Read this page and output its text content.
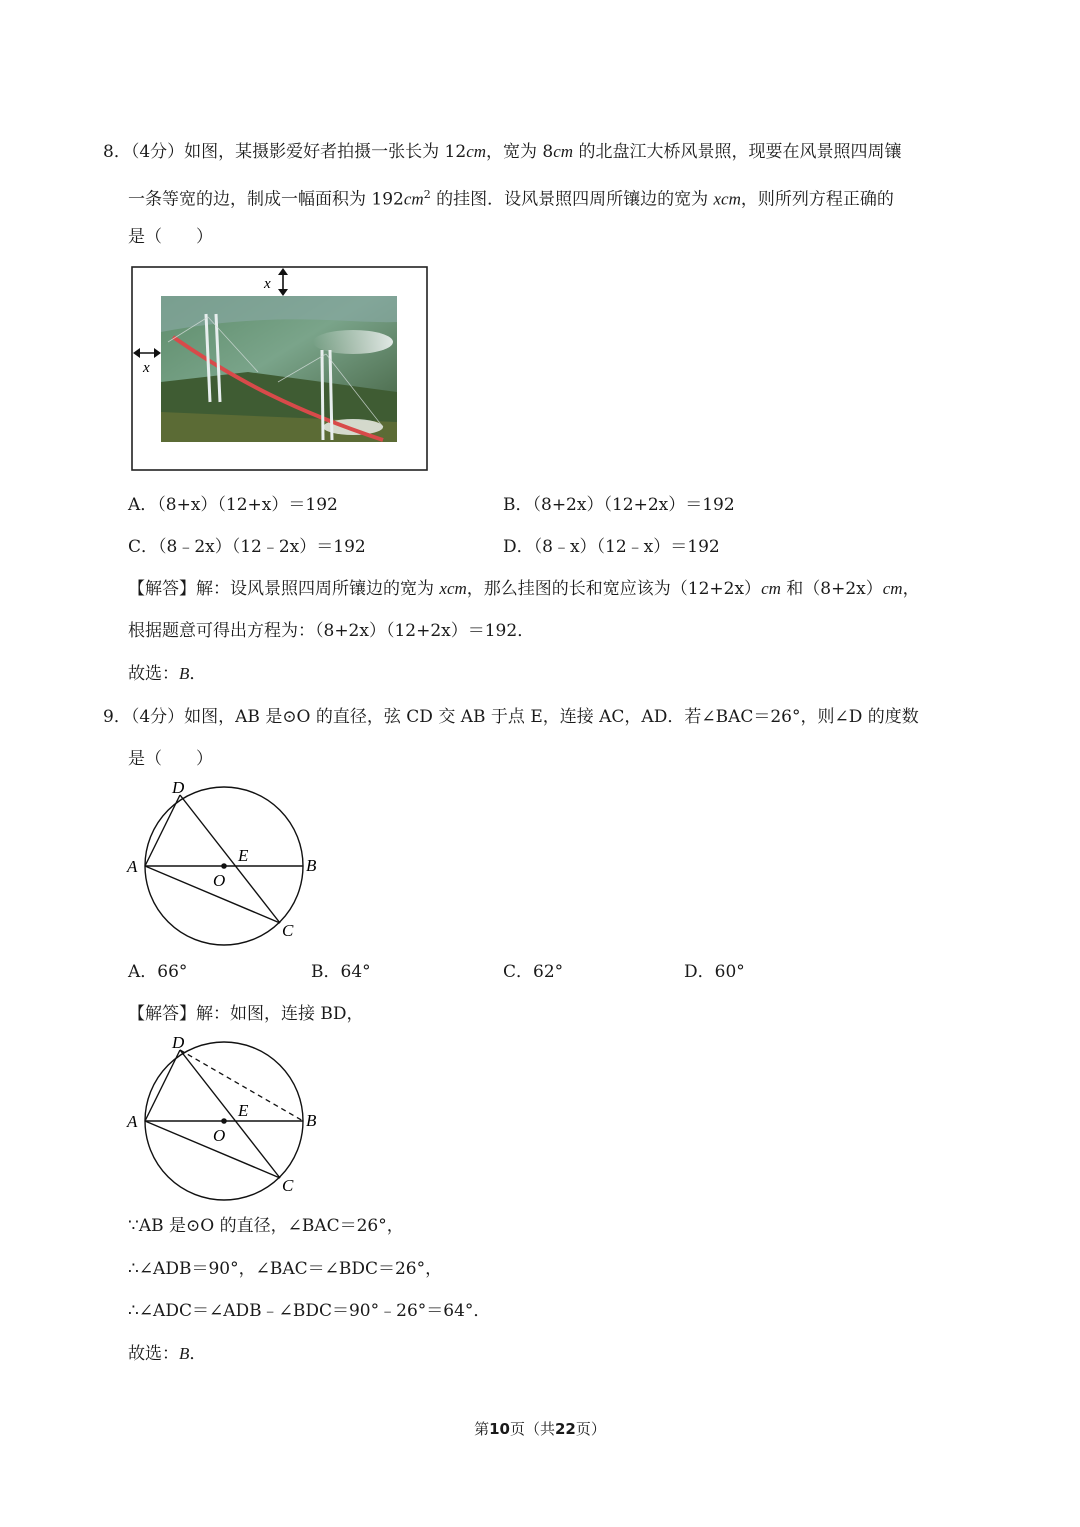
8．（4分）如图，某摄影爱好者拍摄一张长为 12cm，宽为 8cm 的北盘江大桥风景照，现要在风景照四周镶
一条等宽的边，制成一幅面积为 $192cm^2$ 的挂图．设风景照四周所镶边的宽为 xcm，则所列方程正确的
是（　　）
x
x
A．（8+x）（12+x）＝192	B．（8+2x）（12+2x）＝192
C．（8﹣2x）（12﹣2x）＝192	D．（8﹣x）（12﹣x）＝192
【解答】解：设风景照四周所镶边的宽为 xcm，那么挂图的长和宽应该为（12+2x）cm 和（8+2x）cm，
根据题意可得出方程为：（8+2x）（12+2x）＝192．
故选：B．
9．（4分）如图，AB 是⊙O 的直径，弦 CD 交 AB 于点 E，连接 AC，AD．若∠BAC＝26°，则∠D 的度数
是（　　）
D
A
E
B
O
C
A．66°	B．64°	C．62°	D．60°
【解答】解：如图，连接 BD，
D
A
E
B
O
C
∵AB 是⊙O 的直径，∠BAC＝26°，
∴∠ADB＝90°，∠BAC＝∠BDC＝26°，
∴∠ADC＝∠ADB﹣∠BDC＝90°﹣26°＝64°．
故选：B．
第10页（共22页）
